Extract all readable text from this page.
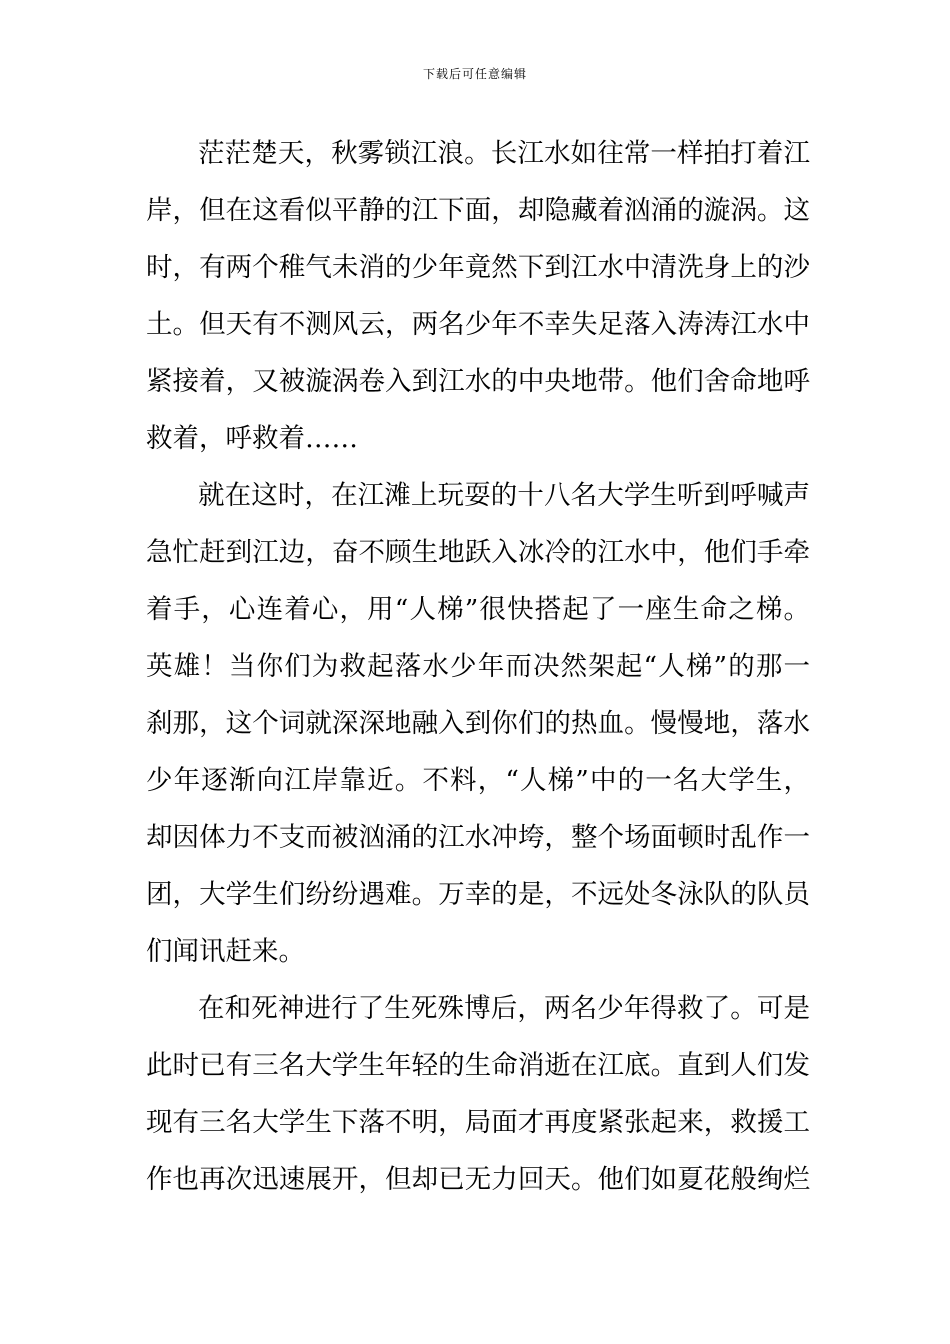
下载后可任意编辑
茫茫楚天，秋雾锁江浪。长江水如往常一样拍打着江
岸，但在这看似平静的江下面，却隐藏着汹涌的漩涡。这
时，有两个稚气未消的少年竟然下到江水中清洗身上的沙
土。但天有不测风云，两名少年不幸失足落入涛涛江水中
紧接着，又被漩涡卷入到江水的中央地带。他们舍命地呼
救着，呼救着……
就在这时，在江滩上玩耍的十八名大学生听到呼喊声
急忙赶到江边，奋不顾生地跃入冰冷的江水中，他们手牵
着手，心连着心，用“人梯”很快搭起了一座生命之梯。
英雄！当你们为救起落水少年而决然架起“人梯”的那一
刹那，这个词就深深地融入到你们的热血。慢慢地，落水
少年逐渐向江岸靠近。不料，“人梯”中的一名大学生，
却因体力不支而被汹涌的江水冲垮，整个场面顿时乱作一
团，大学生们纷纷遇难。万幸的是，不远处冬泳队的队员
们闻讯赶来。
在和死神进行了生死殊博后，两名少年得救了。可是
此时已有三名大学生年轻的生命消逝在江底。直到人们发
现有三名大学生下落不明，局面才再度紧张起来，救援工
作也再次迅速展开，但却已无力回天。他们如夏花般绚烂
